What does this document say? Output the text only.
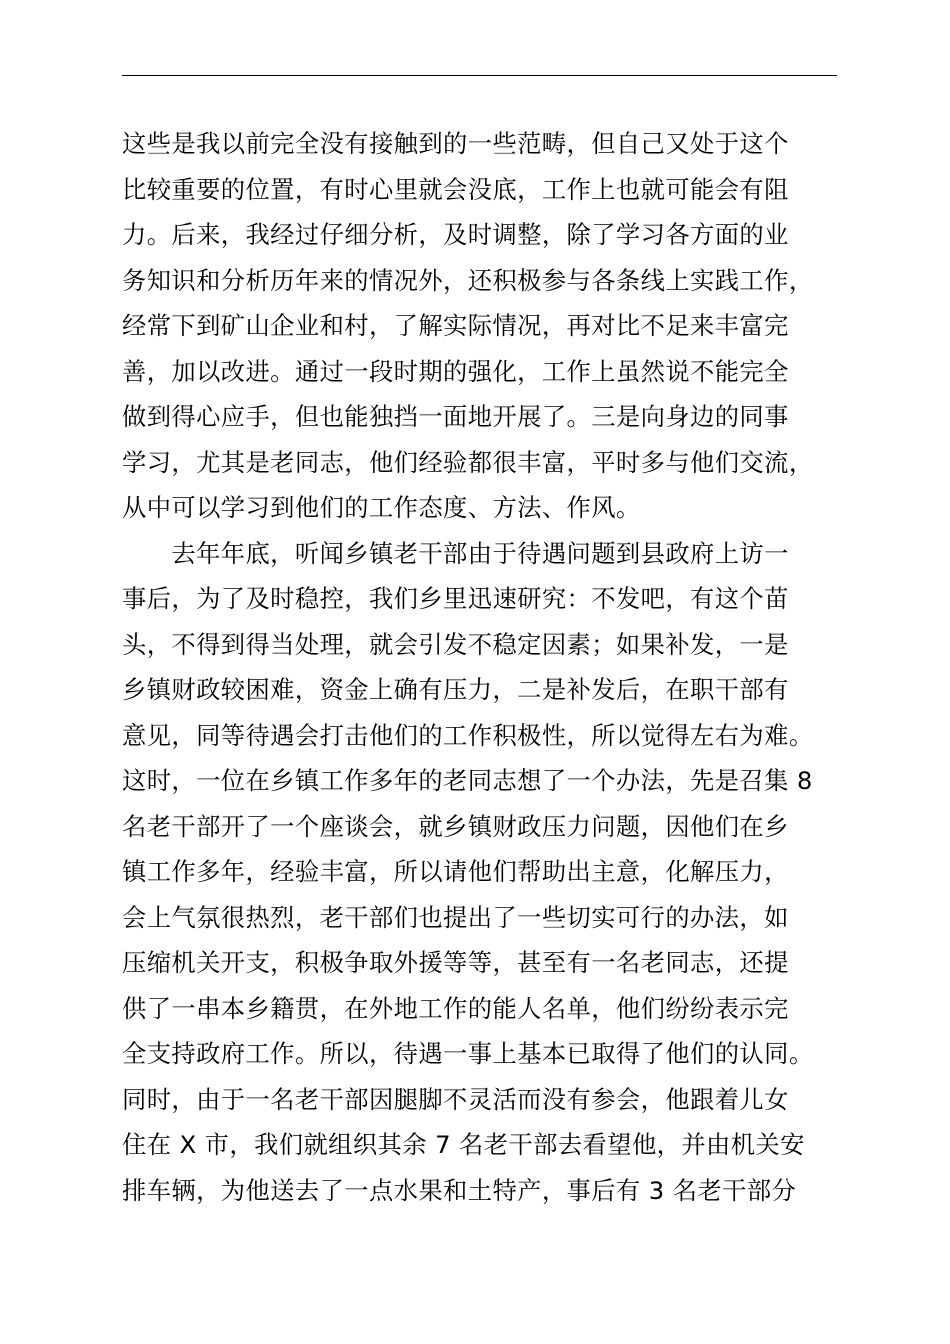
这些是我以前完全没有接触到的一些范畴，但自己又处于这个
比较重要的位置，有时心里就会没底，工作上也就可能会有阻
力。后来，我经过仔细分析，及时调整，除了学习各方面的业
务知识和分析历年来的情况外，还积极参与各条线上实践工作，
经常下到矿山企业和村，了解实际情况，再对比不足来丰富完
善，加以改进。通过一段时期的强化，工作上虽然说不能完全
做到得心应手，但也能独挡一面地开展了。三是向身边的同事
学习，尤其是老同志，他们经验都很丰富，平时多与他们交流，
从中可以学习到他们的工作态度、方法、作风。
　　去年年底，听闻乡镇老干部由于待遇问题到县政府上访一
事后，为了及时稳控，我们乡里迅速研究：不发吧，有这个苗
头，不得到得当处理，就会引发不稳定因素；如果补发，一是
乡镇财政较困难，资金上确有压力，二是补发后，在职干部有
意见，同等待遇会打击他们的工作积极性，所以觉得左右为难。
这时，一位在乡镇工作多年的老同志想了一个办法，先是召集 8
名老干部开了一个座谈会，就乡镇财政压力问题，因他们在乡
镇工作多年，经验丰富，所以请他们帮助出主意，化解压力，
会上气氛很热烈，老干部们也提出了一些切实可行的办法，如
压缩机关开支，积极争取外援等等，甚至有一名老同志，还提
供了一串本乡籍贯，在外地工作的能人名单，他们纷纷表示完
全支持政府工作。所以，待遇一事上基本已取得了他们的认同。
同时，由于一名老干部因腿脚不灵活而没有参会，他跟着儿女
住在 X 市，我们就组织其余 7 名老干部去看望他，并由机关安
排车辆，为他送去了一点水果和土特产，事后有 3 名老干部分
